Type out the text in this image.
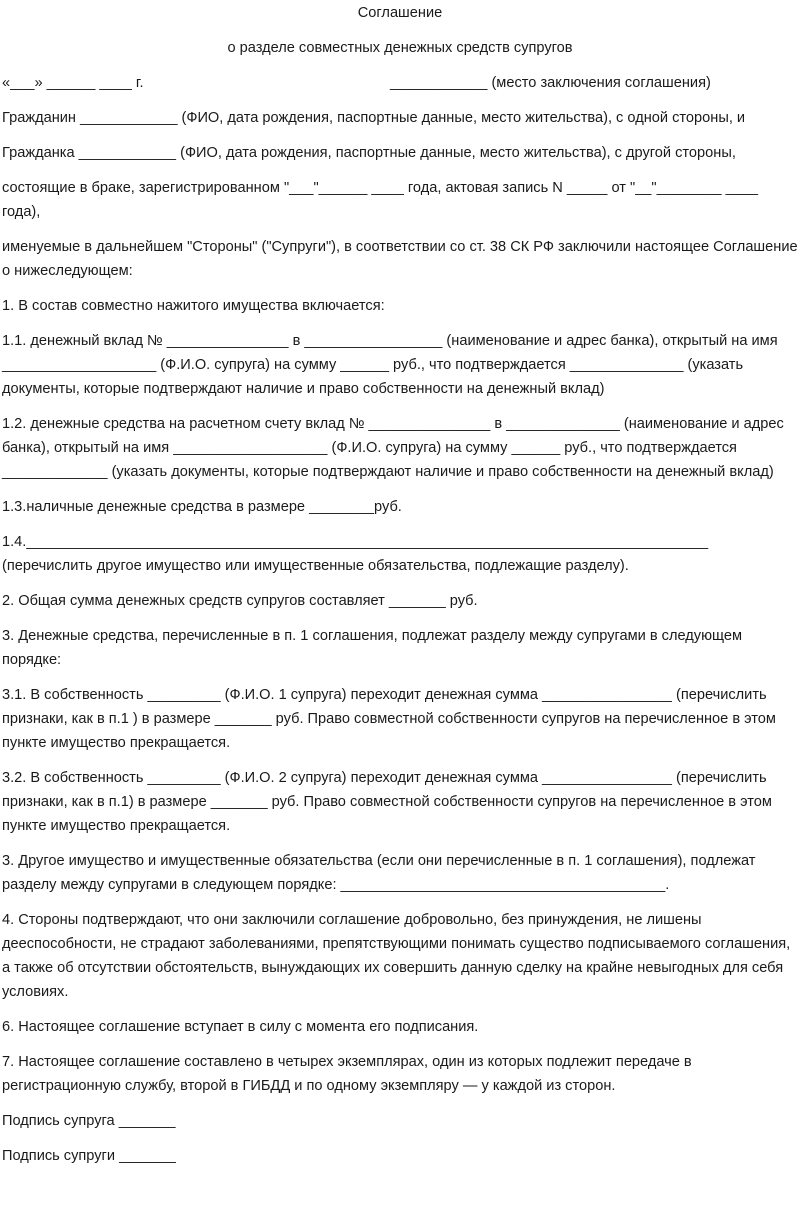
Соглашение

о разделе совместных денежных средств супругов

«___» ______ ____ г.	____________ (место заключения соглашения)

Гражданин ____________ (ФИО, дата рождения, паспортные данные, место жительства), с одной стороны, и

Гражданка ____________ (ФИО, дата рождения, паспортные данные, место жительства), с другой стороны,

состоящие в браке, зарегистрированном "___"______ ____ года, актовая запись N _____ от "__"________ ____ года),

именуемые в дальнейшем "Стороны" ("Супруги"), в соответствии со ст. 38 СК РФ заключили настоящее Соглашение о нижеследующем:

1. В состав совместно нажитого имущества включается:

1.1. денежный вклад № _______________ в _________________ (наименование и адрес банка), открытый на имя ___________________ (Ф.И.О. супруга) на сумму ______ руб., что подтверждается ______________ (указать документы, которые подтверждают наличие и право собственности на денежный вклад)

1.2. денежные средства на расчетном счету вклад № _______________ в ______________ (наименование и адрес банка), открытый на имя ___________________ (Ф.И.О. супруга) на сумму ______ руб., что подтверждается _____________ (указать документы, которые подтверждают наличие и право собственности на денежный вклад)

1.3.наличные денежные средства в размере ________руб.

1.4.____________________________________________________________________________________ (перечислить другое имущество или имущественные обязательства, подлежащие разделу).

2. Общая сумма денежных средств супругов составляет _______ руб.

3. Денежные средства, перечисленные в п. 1 соглашения, подлежат разделу между супругами в следующем порядке:

3.1. В собственность _________ (Ф.И.О. 1 супруга) переходит денежная сумма ________________ (перечислить признаки, как в п.1 ) в размере _______ руб. Право совместной собственности супругов на перечисленное в этом пункте имущество прекращается.

3.2. В собственность _________ (Ф.И.О. 2 супруга) переходит денежная сумма ________________ (перечислить признаки, как в п.1) в размере _______ руб. Право совместной собственности супругов на перечисленное в этом пункте имущество прекращается.

3. Другое имущество и имущественные обязательства (если они перечисленные в п. 1 соглашения), подлежат разделу между супругами в следующем порядке: ________________________________________.

4. Стороны подтверждают, что они заключили соглашение добровольно, без принуждения, не лишены дееспособности, не страдают заболеваниями, препятствующими понимать существо подписываемого соглашения, а также об отсутствии обстоятельств, вынуждающих их совершить данную сделку на крайне невыгодных для себя условиях.

6. Настоящее соглашение вступает в силу с момента его подписания.

7. Настоящее соглашение составлено в четырех экземплярах, один из которых подлежит передаче в регистрационную службу, второй в ГИБДД и по одному экземпляру — у каждой из сторон.

Подпись супруга _______

Подпись супруги _______
